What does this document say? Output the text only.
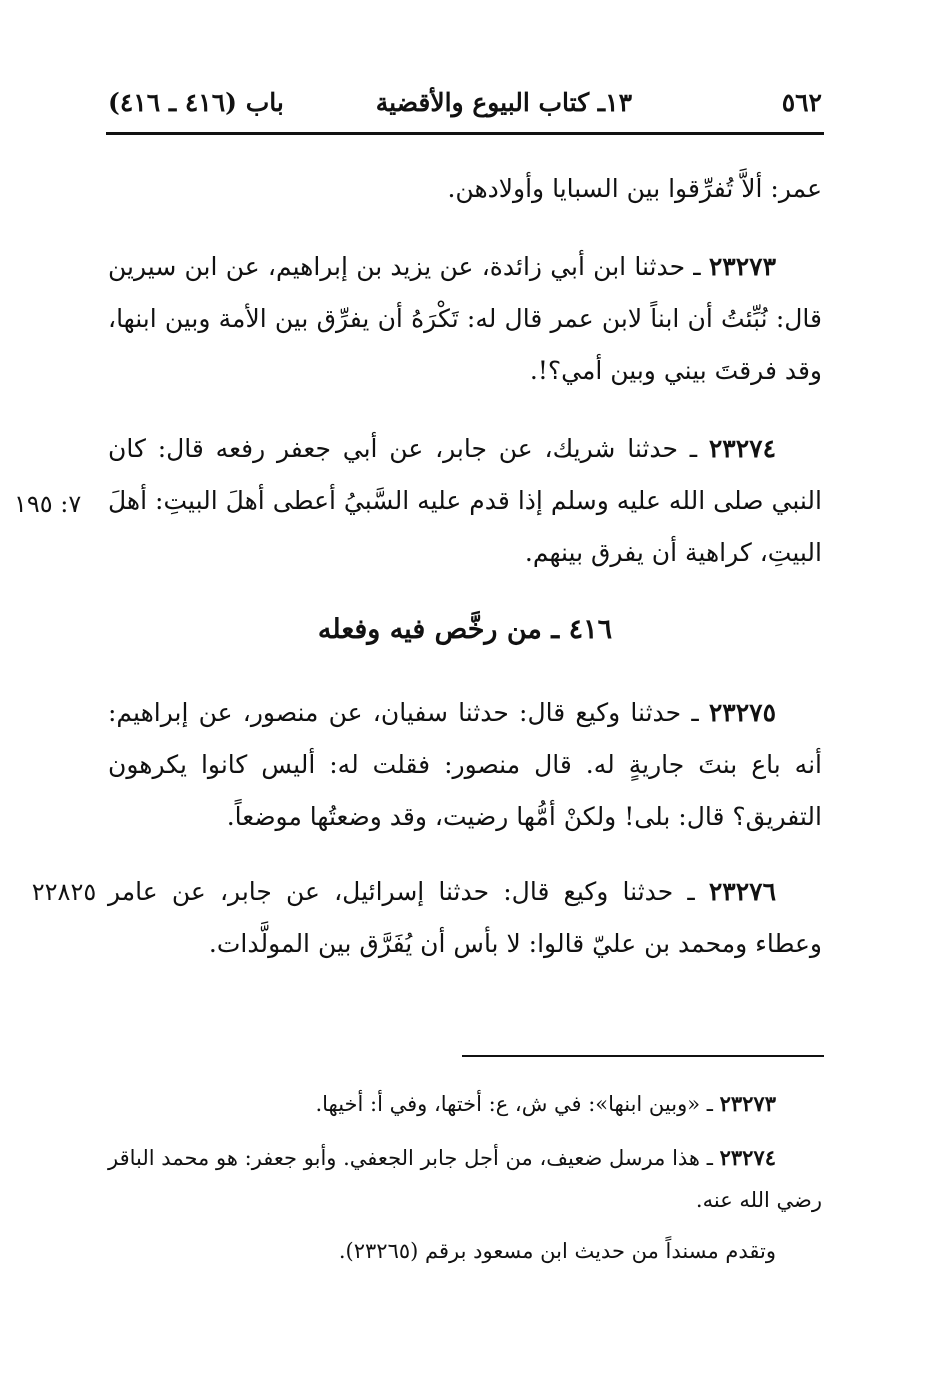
٥٦٢
١٣ـ كتاب البيوع والأقضية
باب (٤١٦ ـ ٤١٦)
عمر: ألاَّ تُفرِّقوا بين السبايا وأولادهن.
٢٣٢٧٣ ـ حدثنا ابن أبي زائدة، عن يزيد بن إبراهيم، عن ابن سيرين قال: نُبِّئتُ أن ابناً لابن عمر قال له: تَكْرَهُ أن يفرِّق بين الأمة وبين ابنها، وقد فرقتَ بيني وبين أمي؟!.
٢٣٢٧٤ ـ حدثنا شريك، عن جابر، عن أبي جعفر رفعه قال: كان النبي صلى الله عليه وسلم إذا قدم عليه السَّبيُ أعطى أهلَ البيتِ: أهلَ البيتِ، كراهية أن يفرق بينهم.
٧: ١٩٥
٤١٦ ـ من رخَّص فيه وفعله
٢٣٢٧٥ ـ حدثنا وكيع قال: حدثنا سفيان، عن منصور، عن إبراهيم: أنه باع بنتَ جاريةٍ له. قال منصور: فقلت له: أليس كانوا يكرهون التفريق؟ قال: بلى! ولكنْ أمُّها رضيت، وقد وضعتُها موضعاً.
٢٣٢٧٦ ـ حدثنا وكيع قال: حدثنا إسرائيل، عن جابر، عن عامر وعطاء ومحمد بن عليّ قالوا: لا بأس أن يُفَرَّق بين المولَّدات.
٢٢٨٢٥
٢٣٢٧٣ ـ «وبين ابنها»: في ش، ع: أختها، وفي أ: أخيها.
٢٣٢٧٤ ـ هذا مرسل ضعيف، من أجل جابر الجعفي. وأبو جعفر: هو محمد الباقر رضي الله عنه.
وتقدم مسنداً من حديث ابن مسعود برقم (٢٣٢٦٥).
